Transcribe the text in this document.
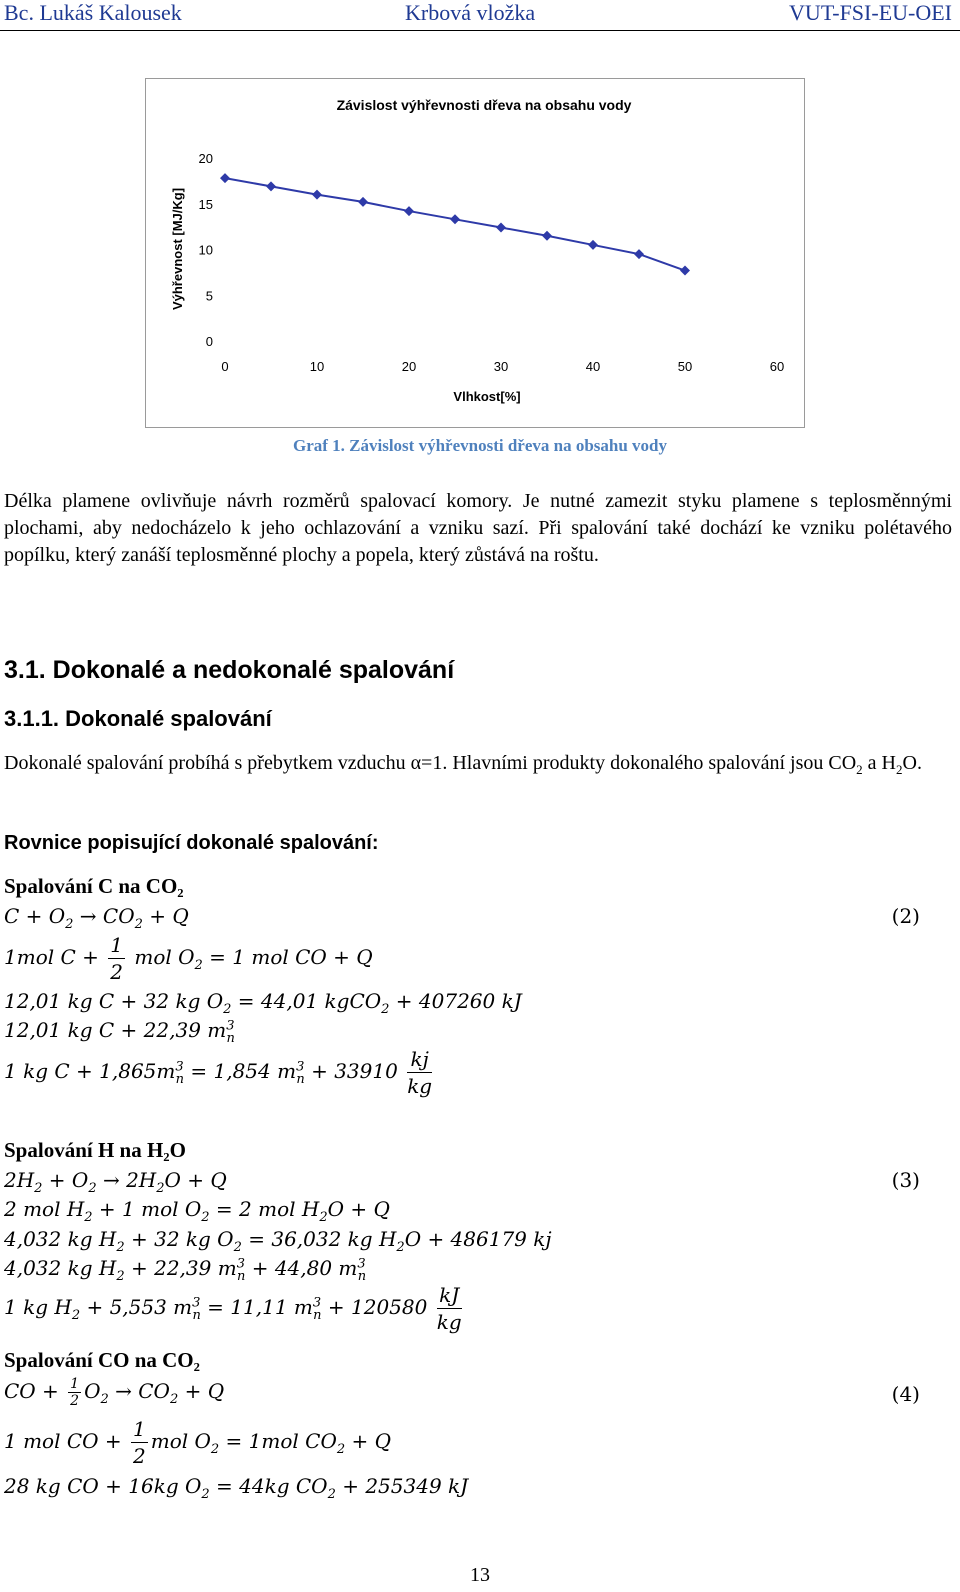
Bc. Lukáš Kalousek	Krbová vložka	VUT-FSI-EU-OEI
Závislost výhřevnosti dřeva na obsahu vody
Výhřevnost [MJ/Kg]
Vlhkost[%]
0
5
10
15
20
0	10	20	30	40	50	60
Graf 1. Závislost výhřevnosti dřeva na obsahu vody

Délka plamene ovlivňuje návrh rozměrů spalovací komory. Je nutné zamezit styku plamene s teplosměnnými plochami, aby nedocházelo k jeho ochlazování a vzniku sazí. Při spalování také dochází ke vzniku polétavého popílku, který zanáší teplosměnné plochy a popela, který zůstává na roštu.

3.1. Dokonalé a nedokonalé spalování
3.1.1. Dokonalé spalování

Dokonalé spalování probíhá s přebytkem vzduchu α=1. Hlavními produkty dokonalého spalování jsou $CO_2$ a $H_2O$.

Rovnice popisující dokonalé spalování:
Spalování C na CO₂
$C + O_2 \to CO_2 + Q$	(2)
1mol $C + \frac{1}{2}$ mol $O_2 = 1$ mol CO + Q
12,01 kg C + 32 kg $O_2 = 44,01$ kgCO$_2$ + 407260 kJ
12,01 kg C + 22,39 $m^3_n$
1 kg $C + 1,865m^3_n = 1,854$ $m^3_n + 33910 \frac{kj}{kg}$
Spalování H na H₂O
$2H_2 + O_2 \to 2H_2O + Q$	(3)
2 mol $H_2 + 1$ mol $O_2 = 2$ mol $H_2O + Q$
4,032 kg $H_2 + 32$ kg $O_2 = 36,032$ kg $H_2O + 486179$ kj
4,032 kg $H_2 + 22,39$ $m^3_n + 44,80$ $m^3_n$
1 kg $H_2 + 5,553$ $m^3_n = 11,11$ $m^3_n + 120580 \frac{kJ}{kg}$
Spalování CO na CO₂
CO + $\frac{1}{2} O_2 \to CO_2 + Q$	(4)
1 mol CO + $\frac{1}{2}$ mol $O_2 = 1mol$ $CO_2 + Q$
28 kg CO + 16kg $O_2 = 44kg$ $CO_2 + 255349$ kJ
13
